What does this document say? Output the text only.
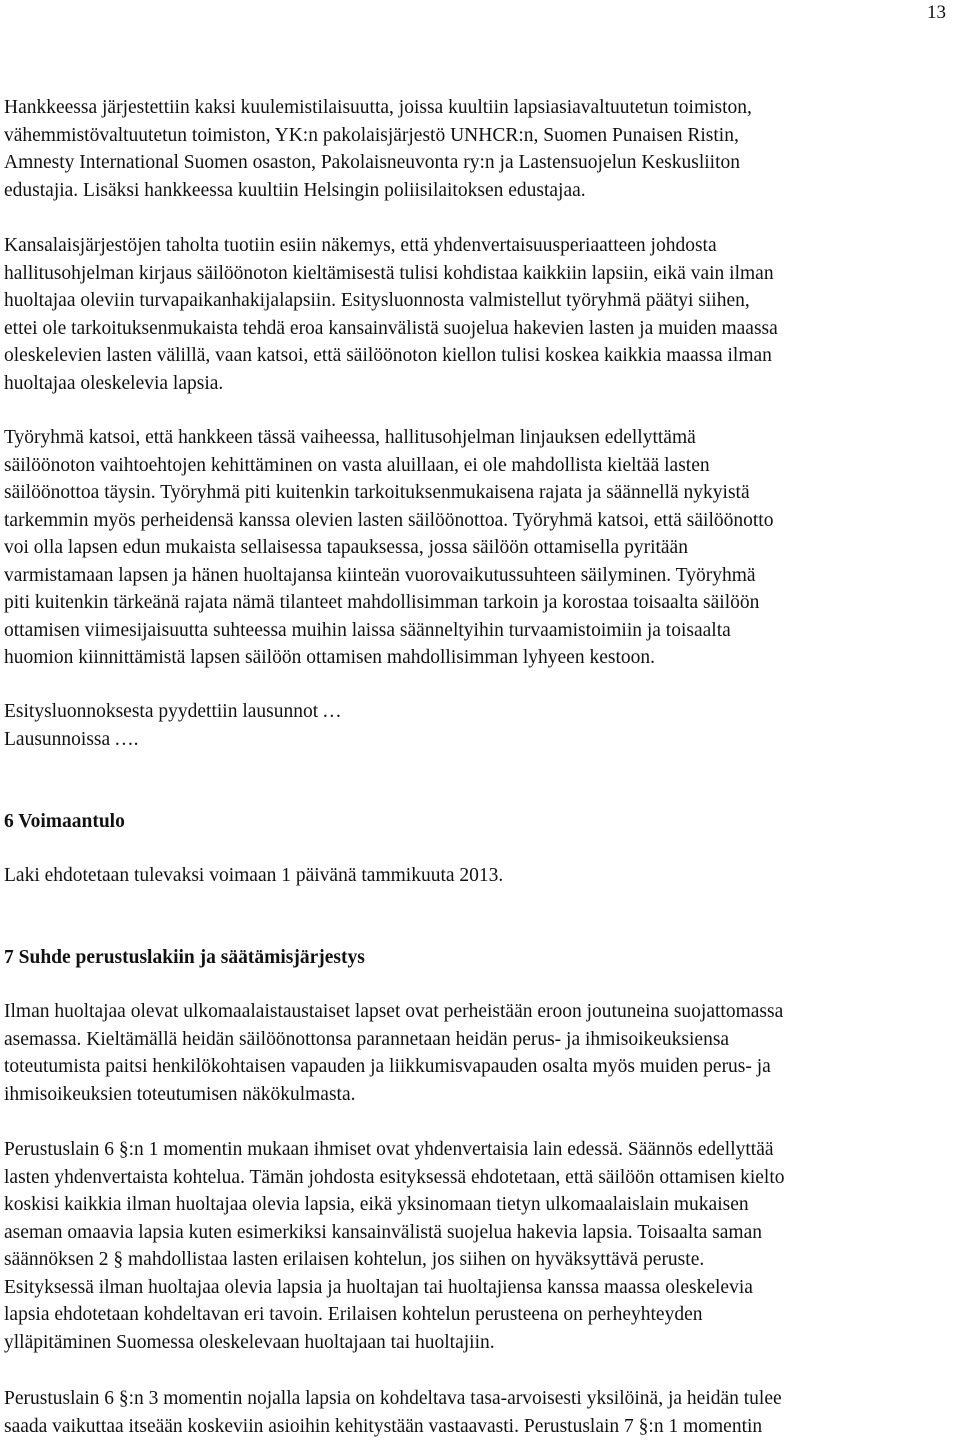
13
Hankkeessa järjestettiin kaksi kuulemistilaisuutta, joissa kuultiin lapsiasiavaltuutetun toimiston,
vähemmistövaltuutetun toimiston, YK:n pakolaisjärjestö UNHCR:n, Suomen Punaisen Ristin,
Amnesty International Suomen osaston, Pakolaisneuvonta ry:n ja Lastensuojelun Keskusliiton
edustajia. Lisäksi hankkeessa kuultiin Helsingin poliisilaitoksen edustajaa.
Kansalaisjärjestöjen taholta tuotiin esiin näkemys, että yhdenvertaisuusperiaatteen johdosta
hallitusohjelman kirjaus säilöönoton kieltämisestä tulisi kohdistaa kaikkiin lapsiin, eikä vain ilman
huoltajaa oleviin turvapaikanhakijalapsiin. Esitysluonnosta valmistellut työryhmä päätyi siihen,
ettei ole tarkoituksenmukaista tehdä eroa kansainvälistä suojelua hakevien lasten ja muiden maassa
oleskelevien lasten välillä, vaan katsoi, että säilöönoton kiellon tulisi koskea kaikkia maassa ilman
huoltajaa oleskelevia lapsia.
Työryhmä katsoi, että hankkeen tässä vaiheessa, hallitusohjelman linjauksen edellyttämä
säilöönoton vaihtoehtojen kehittäminen on vasta aluillaan, ei ole mahdollista kieltää lasten
säilöönottoa täysin. Työryhmä piti kuitenkin tarkoituksenmukaisena rajata ja säännellä nykyistä
tarkemmin myös perheidensä kanssa olevien lasten säilöönottoa. Työryhmä katsoi, että säilöönotto
voi olla lapsen edun mukaista sellaisessa tapauksessa, jossa säilöön ottamisella pyritään
varmistamaan lapsen ja hänen huoltajansa kiinteän vuorovaikutussuhteen säilyminen. Työryhmä
piti kuitenkin tärkeänä rajata nämä tilanteet mahdollisimman tarkoin ja korostaa toisaalta säilöön
ottamisen viimesijaisuutta suhteessa muihin laissa säänneltyihin turvaamistoimiin ja toisaalta
huomion kiinnittämistä lapsen säilöön ottamisen mahdollisimman lyhyeen kestoon.
Esitysluonnoksesta pyydettiin lausunnot …
Lausunnoissa ….
6 Voimaantulo
Laki ehdotetaan tulevaksi voimaan 1 päivänä tammikuuta 2013.
7 Suhde perustuslakiin ja säätämisjärjestys
Ilman huoltajaa olevat ulkomaalaistaustaiset lapset ovat perheistään eroon joutuneina suojattomassa
asemassa. Kieltämällä heidän säilöönottonsa parannetaan heidän perus- ja ihmisoikeuksiensa
toteutumista paitsi henkilökohtaisen vapauden ja liikkumisvapauden osalta myös muiden perus- ja
ihmisoikeuksien toteutumisen näkökulmasta.
Perustuslain 6 §:n 1 momentin mukaan ihmiset ovat yhdenvertaisia lain edessä. Säännös edellyttää
lasten yhdenvertaista kohtelua. Tämän johdosta esityksessä ehdotetaan, että säilöön ottamisen kielto
koskisi kaikkia ilman huoltajaa olevia lapsia, eikä yksinomaan tietyn ulkomaalaislain mukaisen
aseman omaavia lapsia kuten esimerkiksi kansainvälistä suojelua hakevia lapsia. Toisaalta saman
säännöksen 2 § mahdollistaa lasten erilaisen kohtelun, jos siihen on hyväksyttävä peruste.
Esityksessä ilman huoltajaa olevia lapsia ja huoltajan tai huoltajiensa kanssa maassa oleskelevia
lapsia ehdotetaan kohdeltavan eri tavoin. Erilaisen kohtelun perusteena on perheyhteyden
ylläpitäminen Suomessa oleskelevaan huoltajaan tai huoltajiin.
Perustuslain 6 §:n 3 momentin nojalla lapsia on kohdeltava tasa-arvoisesti yksilöinä, ja heidän tulee
saada vaikuttaa itseään koskeviin asioihin kehitystään vastaavasti. Perustuslain 7 §:n 1 momentin
